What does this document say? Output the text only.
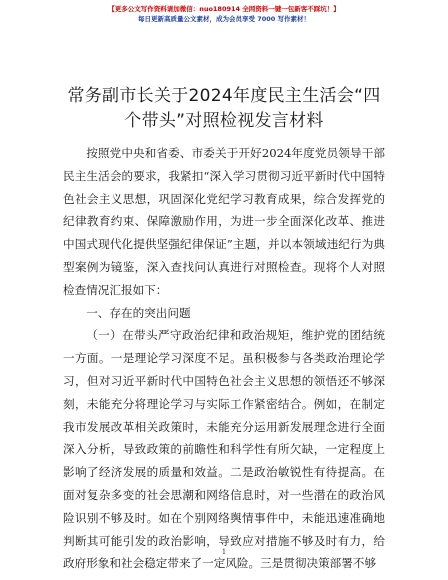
【更多公文写作资料请加微信：nuo180914 全网资料一键一包新客不踩坑！】
每日更新高质量公文素材，成为会员享受 7000 写作素材！
常务副市长关于2024年度民主生活会“四个带头”对照检视发言材料

按照党中央和省委、市委关于开好2024年度党员领导干部民主生活会的要求，我紧扣“深入学习贯彻习近平新时代中国特色社会主义思想，巩固深化党纪学习教育成果，综合发挥党的纪律教育约束、保障激励作用，为进一步全面深化改革、推进中国式现代化提供坚强纪律保证”主题，并以本领域违纪行为典型案例为镜鉴，深入查找问认真进行对照检查。现将个人对照检查情况汇报如下：

一、存在的突出问题

（一）在带头严守政治纪律和政治规矩，维护党的团结统一方面。一是理论学习深度不足。虽积极参与各类政治理论学习，但对习近平新时代中国特色社会主义思想的领悟还不够深刻，未能充分将理论学习与实际工作紧密结合。例如，在制定我市发展改革相关政策时，未能充分运用新发展理念进行全面深入分析，导致政策的前瞻性和科学性有所欠缺，一定程度上影响了经济发展的质量和效益。二是政治敏锐性有待提高。在面对复杂多变的社会思潮和网络信息时，对一些潜在的政治风险识别不够及时。如在个别网络舆情事件中，未能迅速准确地判断其可能引发的政治影响，导致应对措施不够及时有力，给政府形象和社会稳定带来了一定风险。三是贯彻决策部署不够

1
